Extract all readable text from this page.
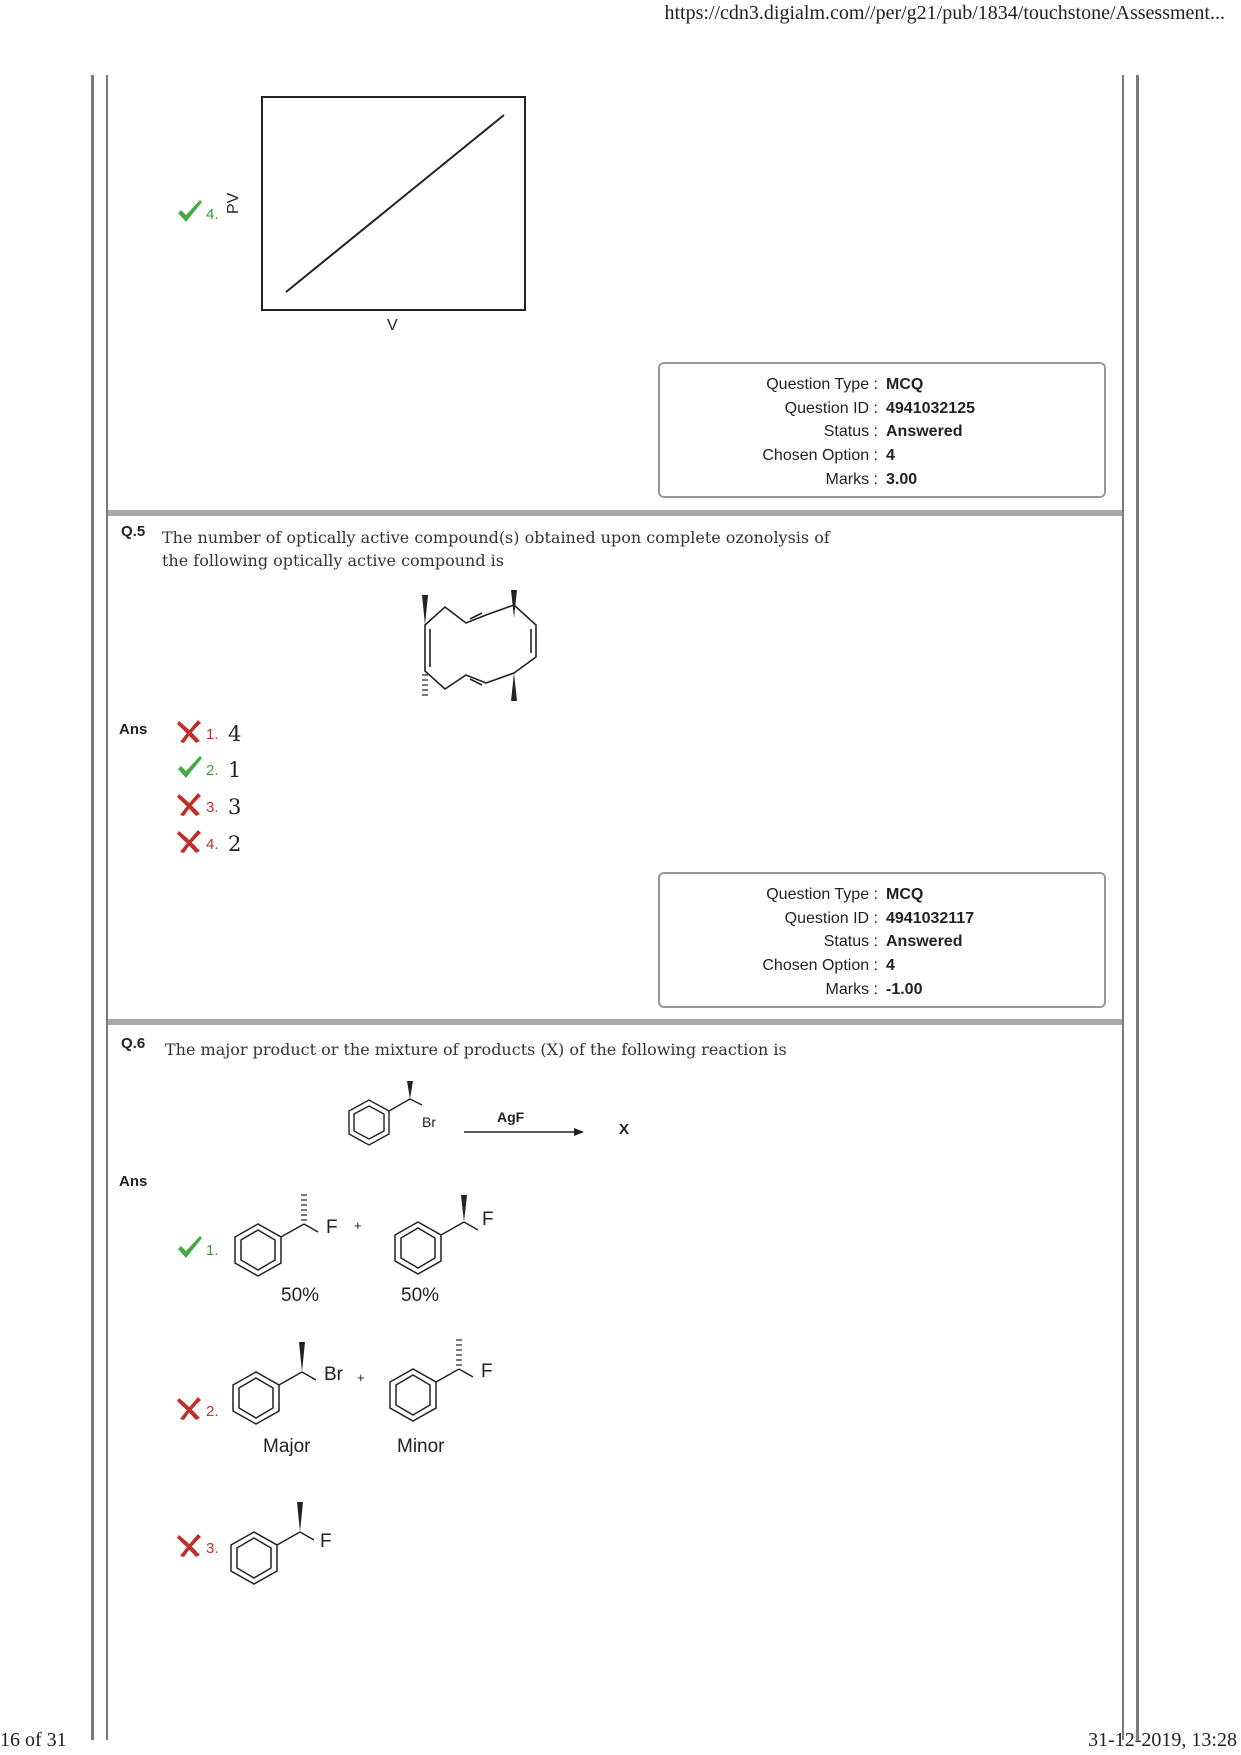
https://cdn3.digialm.com//per/g21/pub/1834/touchstone/Assessment...
4.
PV
V
Question Type : MCQ
Question ID : 4941032125
Status : Answered
Chosen Option : 4
Marks : 3.00
Q.5 The number of optically active compound(s) obtained upon complete ozonolysis of
the following optically active compound is
Ans	1. 4
2. 1
3. 3
4. 2
Question Type : MCQ
Question ID : 4941032117
Status : Answered
Chosen Option : 4
Marks : -1.00
Q.6 The major product or the mixture of products (X) of the following reaction is
Br	AgF
X
Ans
1.
F +	F
50%	50%
2.
Br +	F
Major	Minor
3.	F
16 of 31	31-12-2019, 13:28
